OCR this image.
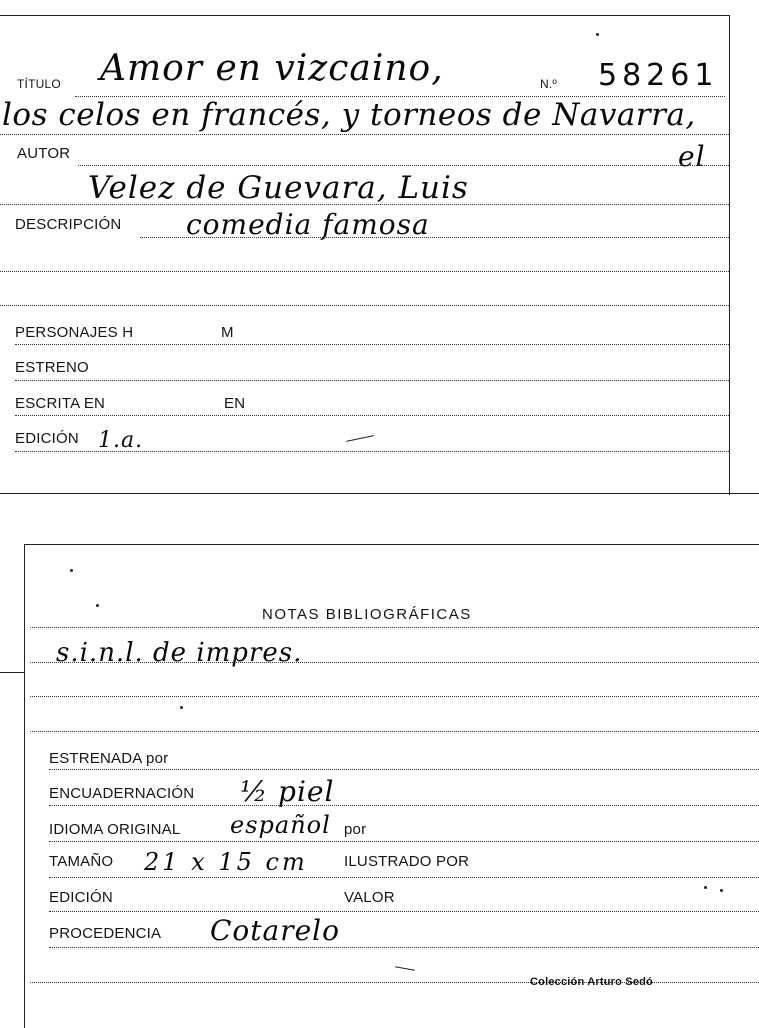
TÍTULO Amor en vizcaino,	N.º 58261
los celos en francés, y torneos de Navarra,
AUTOR	el
Velez de Guevara, Luis
DESCRIPCIÓN comedia famosa
PERSONAJES H	M
ESTRENO
ESCRITA EN	EN
EDICIÓN 1.a.
NOTAS BIBLIOGRÁFICAS
s.i.n.l. de impres.
ESTRENADA por
ENCUADERNACIÓN ½ piel
IDIOMA ORIGINAL español por
TAMAÑO 21 x 15 cm ILUSTRADO POR
EDICIÓN	VALOR
PROCEDENCIA Cotarelo
Colección Arturo Sedó
